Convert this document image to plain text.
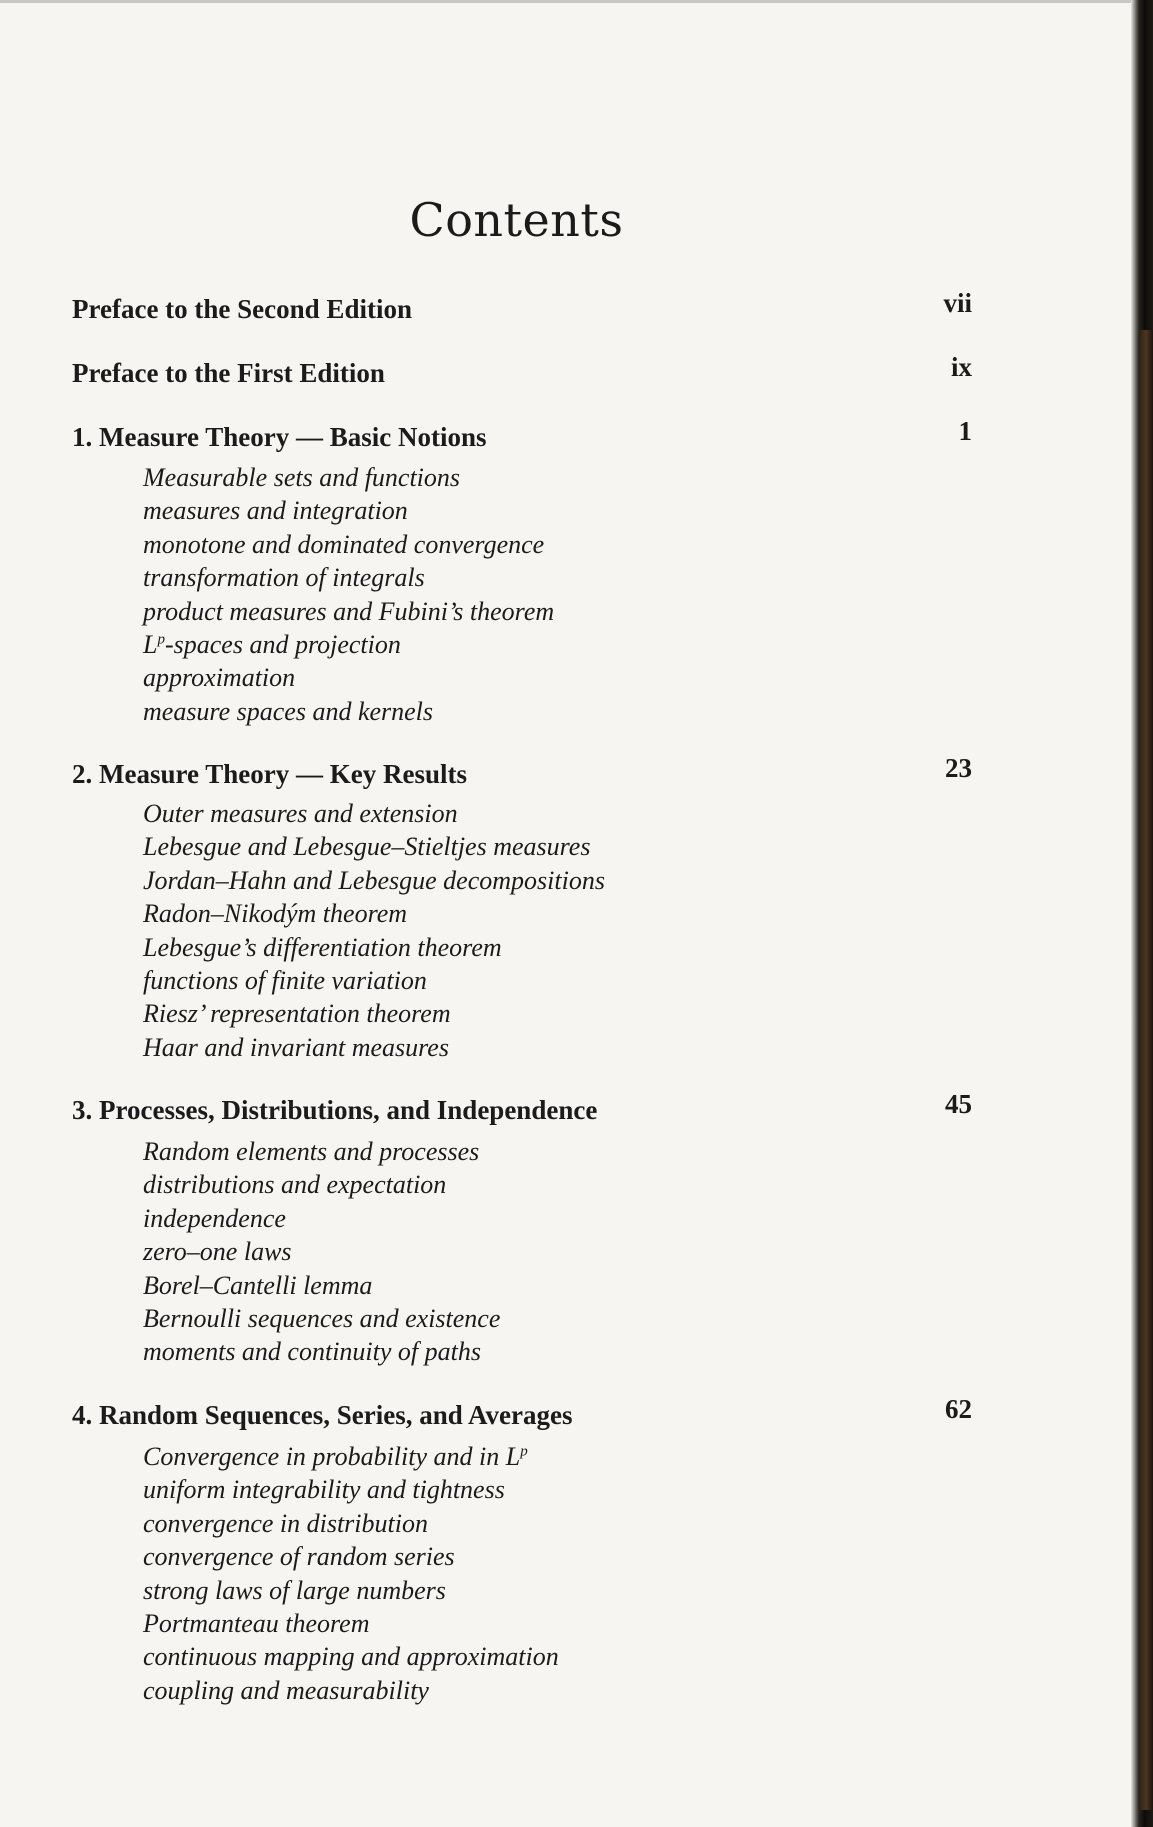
Contents
Preface to the Second Edition	vii
Preface to the First Edition	ix
1. Measure Theory — Basic Notions	1
Measurable sets and functions
measures and integration
monotone and dominated convergence
transformation of integrals
product measures and Fubini’s theorem
$L^p$-spaces and projection
approximation
measure spaces and kernels
2. Measure Theory — Key Results	23
Outer measures and extension
Lebesgue and Lebesgue–Stieltjes measures
Jordan–Hahn and Lebesgue decompositions
Radon–Nikodým theorem
Lebesgue’s differentiation theorem
functions of finite variation
Riesz’ representation theorem
Haar and invariant measures
3. Processes, Distributions, and Independence	45
Random elements and processes
distributions and expectation
independence
zero–one laws
Borel–Cantelli lemma
Bernoulli sequences and existence
moments and continuity of paths
4. Random Sequences, Series, and Averages	62
Convergence in probability and in $L^p$
uniform integrability and tightness
convergence in distribution
convergence of random series
strong laws of large numbers
Portmanteau theorem
continuous mapping and approximation
coupling and measurability
